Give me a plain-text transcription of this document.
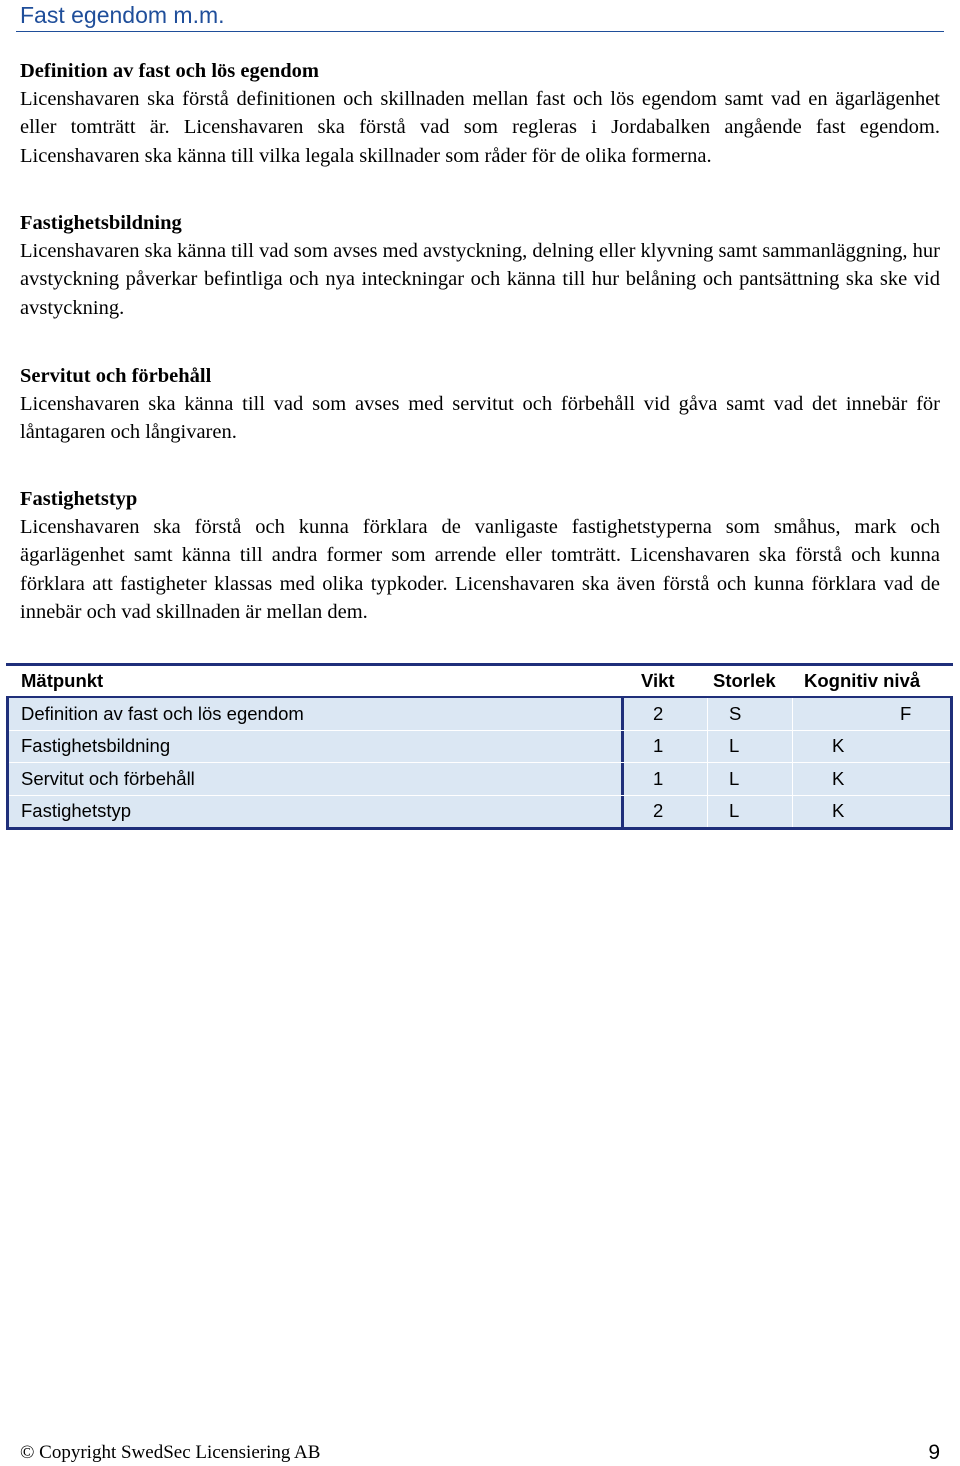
Fast egendom m.m.
Definition av fast och lös egendom

Licenshavaren ska förstå definitionen och skillnaden mellan fast och lös egendom samt vad en ägarlägenhet eller tomträtt är. Licenshavaren ska förstå vad som regleras i Jordabalken angående fast egendom. Licenshavaren ska känna till vilka legala skillnader som råder för de olika formerna.

Fastighetsbildning

Licenshavaren ska känna till vad som avses med avstyckning, delning eller klyvning samt sammanläggning, hur avstyckning påverkar befintliga och nya inteckningar och känna till hur belåning och pantsättning ska ske vid avstyckning.

Servitut och förbehåll

Licenshavaren ska känna till vad som avses med servitut och förbehåll vid gåva samt vad det innebär för låntagaren och långivaren.

Fastighetstyp

Licenshavaren ska förstå och kunna förklara de vanligaste fastighetstyperna som småhus, mark och ägarlägenhet samt känna till andra former som arrende eller tomträtt. Licenshavaren ska förstå och kunna förklara att fastigheter klassas med olika typkoder. Licenshavaren ska även förstå och kunna förklara vad de innebär och vad skillnaden är mellan dem.

Mätpunkt	Vikt	Storlek	Kognitiv nivå
Definition av fast och lös egendom	2	S	F
Fastighetsbildning	1	L	K
Servitut och förbehåll	1	L	K
Fastighetstyp	2	L	K
© Copyright SwedSec Licensiering AB	9
